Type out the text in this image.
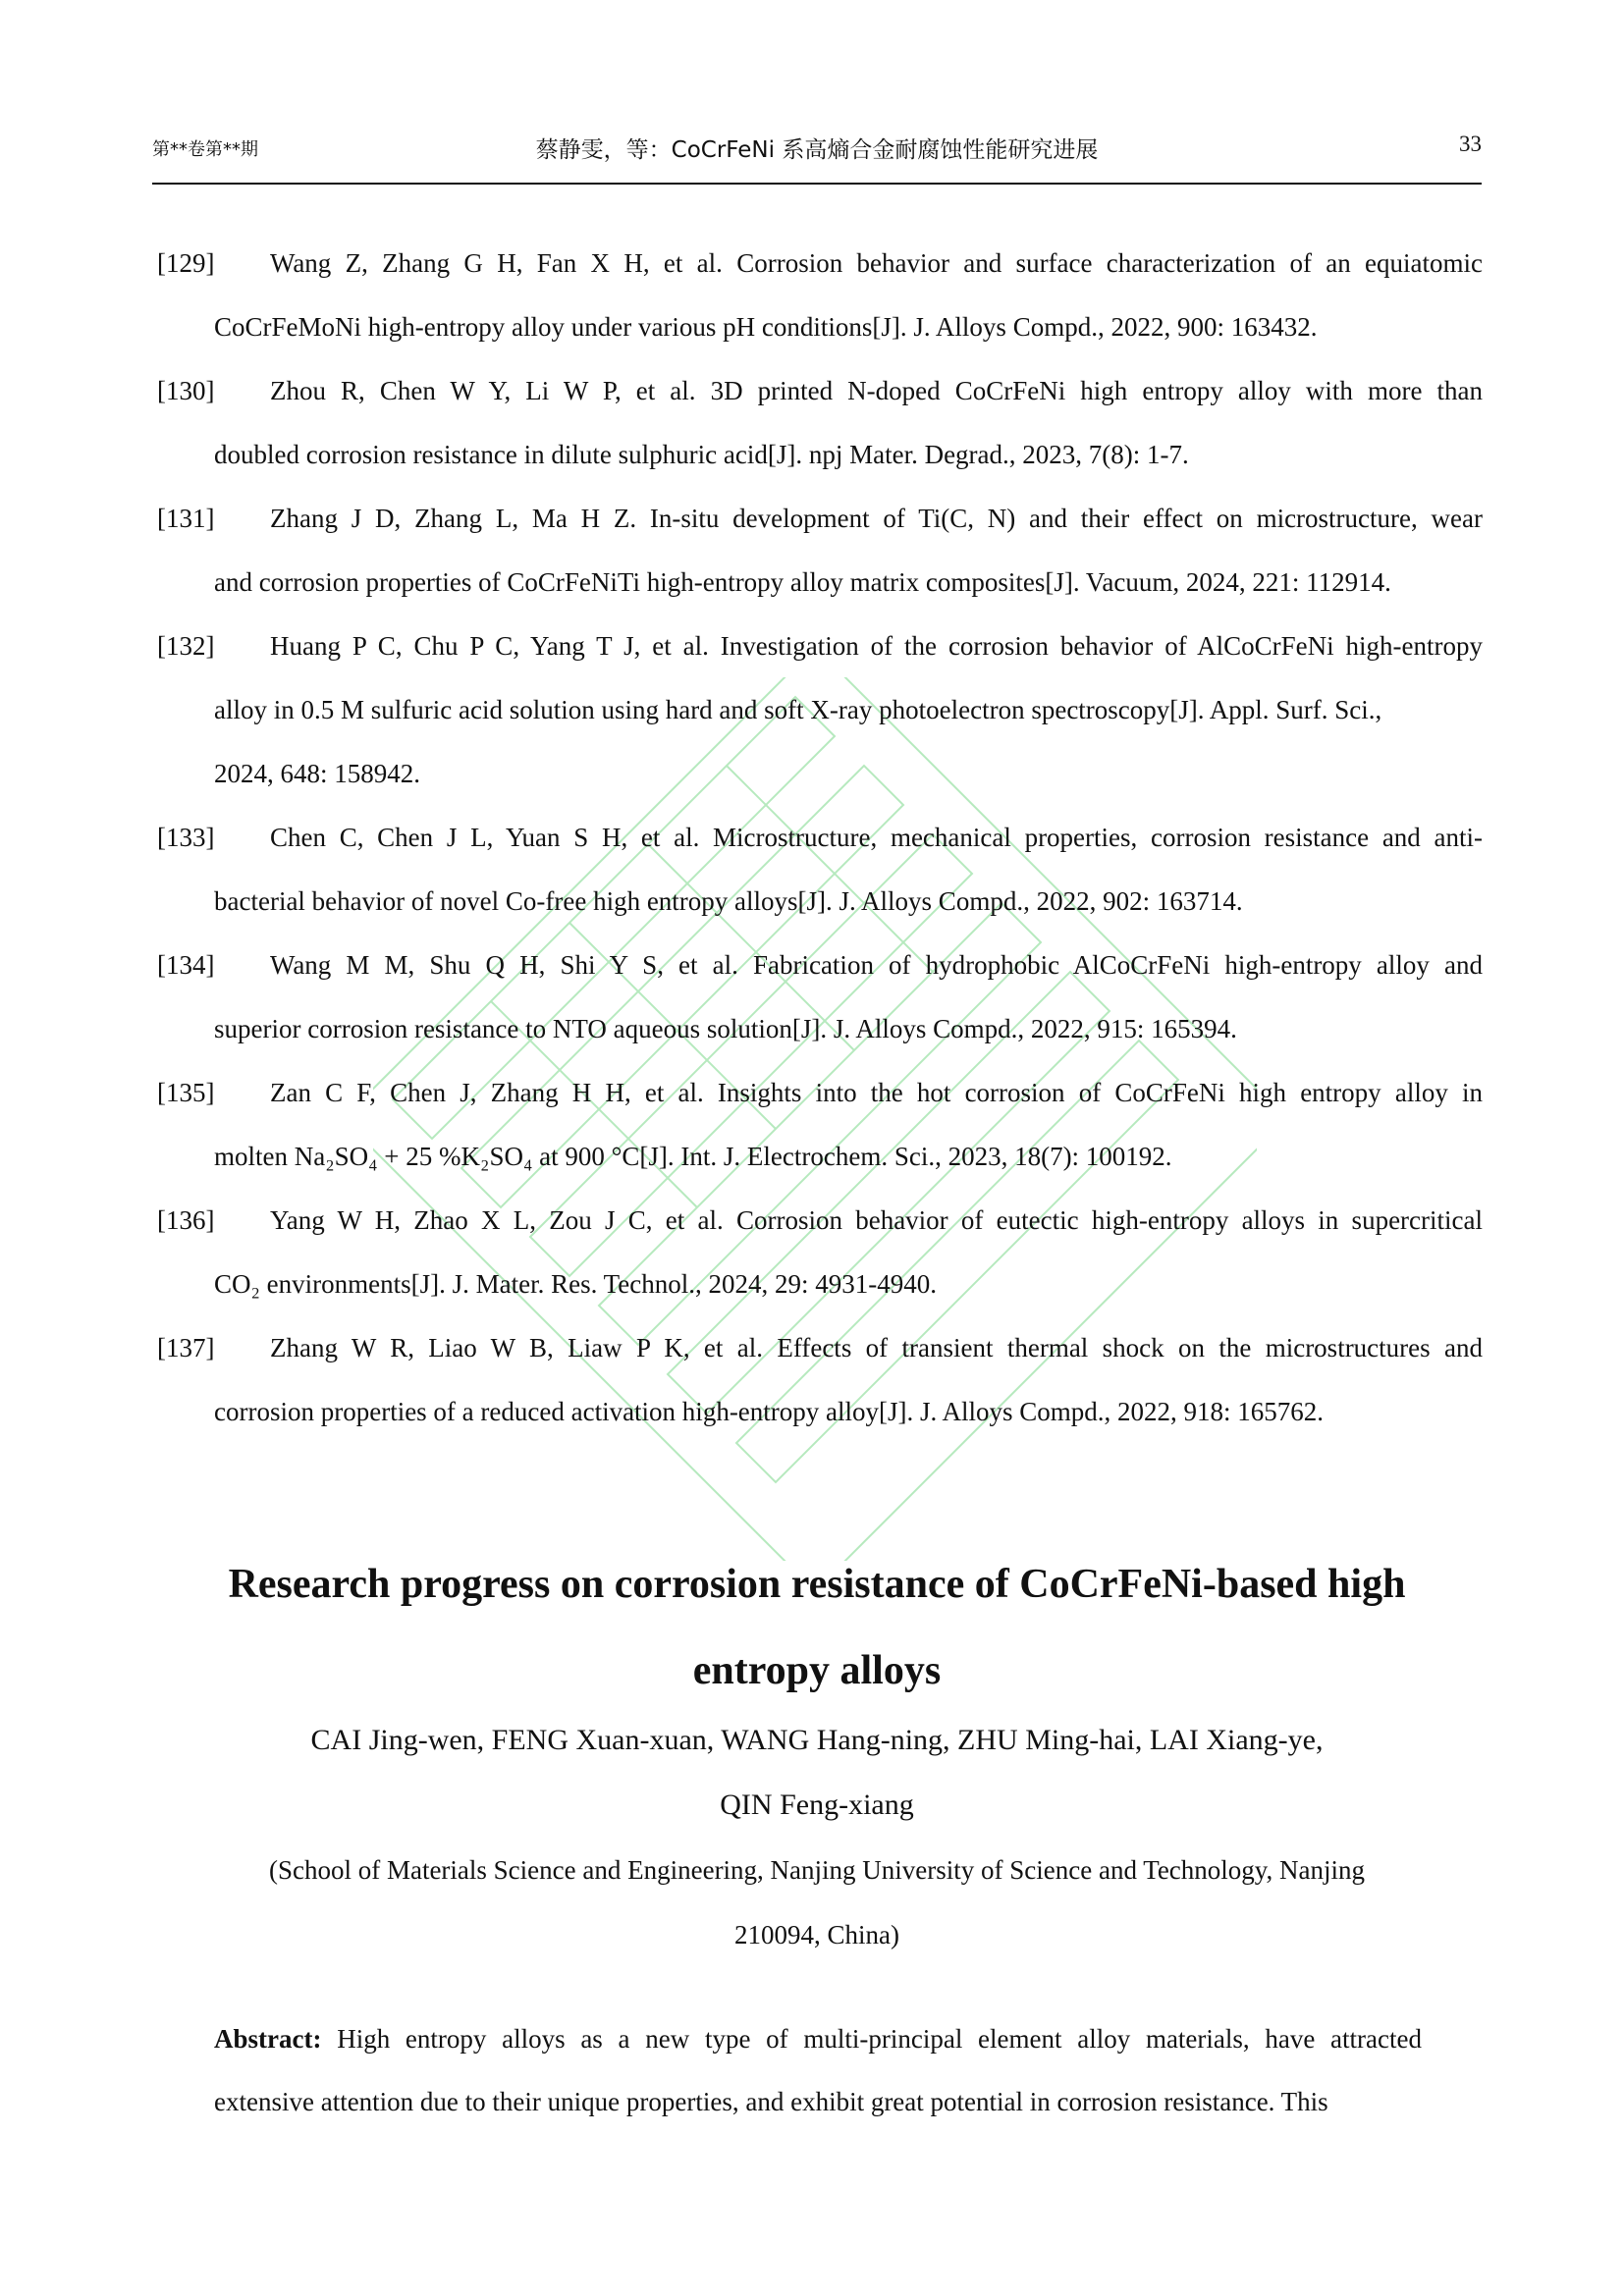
第**卷第**期	蔡静雯，等：CoCrFeNi 系高熵合金耐腐蚀性能研究进展	33
[129]	Wang Z, Zhang G H, Fan X H, et al. Corrosion behavior and surface characterization of an equiatomic
CoCrFeMoNi high-entropy alloy under various pH conditions[J]. J. Alloys Compd., 2022, 900: 163432.
[130]	Zhou R, Chen W Y, Li W P, et al. 3D printed N-doped CoCrFeNi high entropy alloy with more than
doubled corrosion resistance in dilute sulphuric acid[J]. npj Mater. Degrad., 2023, 7(8): 1-7.
[131]	Zhang J D, Zhang L, Ma H Z. In-situ development of Ti(C, N) and their effect on microstructure, wear
and corrosion properties of CoCrFeNiTi high-entropy alloy matrix composites[J]. Vacuum, 2024, 221: 112914.
[132]	Huang P C, Chu P C, Yang T J, et al. Investigation of the corrosion behavior of AlCoCrFeNi high-entropy
alloy in 0.5 M sulfuric acid solution using hard and soft X-ray photoelectron spectroscopy[J]. Appl. Surf. Sci.,
2024, 648: 158942.
[133]	Chen C, Chen J L, Yuan S H, et al. Microstructure, mechanical properties, corrosion resistance and anti-
bacterial behavior of novel Co-free high entropy alloys[J]. J. Alloys Compd., 2022, 902: 163714.
[134]	Wang M M, Shu Q H, Shi Y S, et al. Fabrication of hydrophobic AlCoCrFeNi high-entropy alloy and
superior corrosion resistance to NTO aqueous solution[J]. J. Alloys Compd., 2022, 915: 165394.
[135]	Zan C F, Chen J, Zhang H H, et al. Insights into the hot corrosion of CoCrFeNi high entropy alloy in
molten Na₂SO₄ + 25 %K₂SO₄ at 900 °C[J]. Int. J. Electrochem. Sci., 2023, 18(7): 100192.
[136]	Yang W H, Zhao X L, Zou J C, et al. Corrosion behavior of eutectic high-entropy alloys in supercritical
CO₂ environments[J]. J. Mater. Res. Technol., 2024, 29: 4931-4940.
[137]	Zhang W R, Liao W B, Liaw P K, et al. Effects of transient thermal shock on the microstructures and
corrosion properties of a reduced activation high-entropy alloy[J]. J. Alloys Compd., 2022, 918: 165762.
Research progress on corrosion resistance of CoCrFeNi-based high
entropy alloys
CAI Jing-wen, FENG Xuan-xuan, WANG Hang-ning, ZHU Ming-hai, LAI Xiang-ye,
QIN Feng-xiang
(School of Materials Science and Engineering, Nanjing University of Science and Technology, Nanjing
210094, China)
Abstract: High entropy alloys as a new type of multi-principal element alloy materials, have attracted
extensive attention due to their unique properties, and exhibit great potential in corrosion resistance. This
